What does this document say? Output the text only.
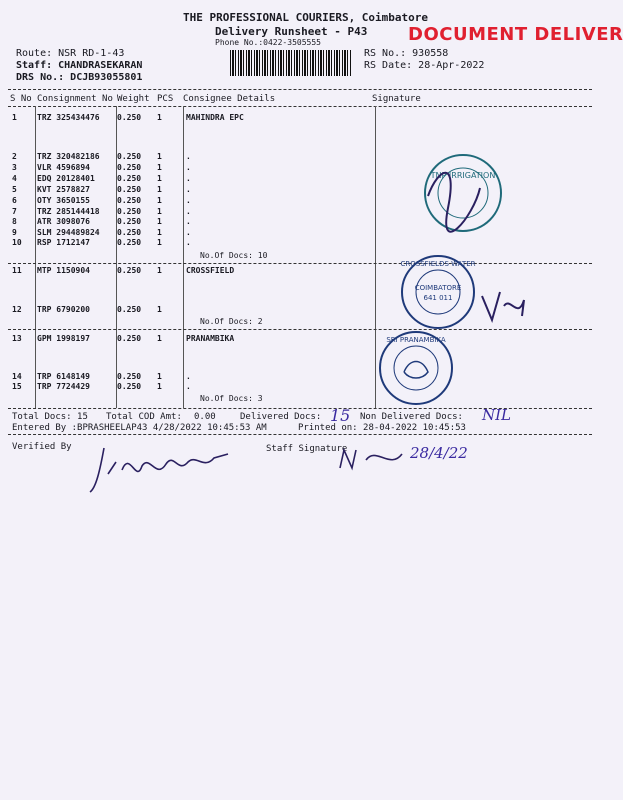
THE PROFESSIONAL COURIERS, Coimbatore
Delivery Runsheet - P43
Phone No.:0422-3505555	DOCUMENT DELIVER
Route: NSR RD-1-43
Staff: CHANDRASEKARAN
DRS No.: DCJB93055801
RS No.: 930558
RS Date: 28-Apr-2022
S No Consignment No Weight PCS Consignee Details	Signature
1	TRZ 325434476 0.250 1	MAHINDRA EPC
2	TRZ 320482186 0.250 1	.
3	VLR 4596894	0.250 1	.
4	EDQ 20128401	0.250 1	.
5	KVT 2578827	0.250 1	.
6	OTY 3650155	0.250 1	.
7	TRZ 285144418 0.250 1	.
8	ATR 3098076	0.250 1	.
9	SLM 294489824 0.250 1	.
10 RSP 1712147	0.250 1	.
No.Of Docs: 10
11 MTP 1150904	0.250 1	CROSSFIELD
12 TRP 6790200	0.250 1
No.Of Docs: 2
13 GPM 1998197	0.250 1	PRANAMBIKA
14 TRP 6148149	0.250 1	.
15 TRP 7724429	0.250 1	.
No.Of Docs: 3
TNP IRRIGATION
CROSSFIELDS WATER
COIMBATORE
641 011
SRI PRANAMBIKA
Total Docs: 15 Total COD Amt: 0.00	Delivered Docs: 15 Non Delivered Docs: NIL
Entered By :BPRASHEELAP43 4/28/2022 10:45:53 AM	Printed on: 28-04-2022 10:45:53
Verified By	Staff Signature	28/4/22
